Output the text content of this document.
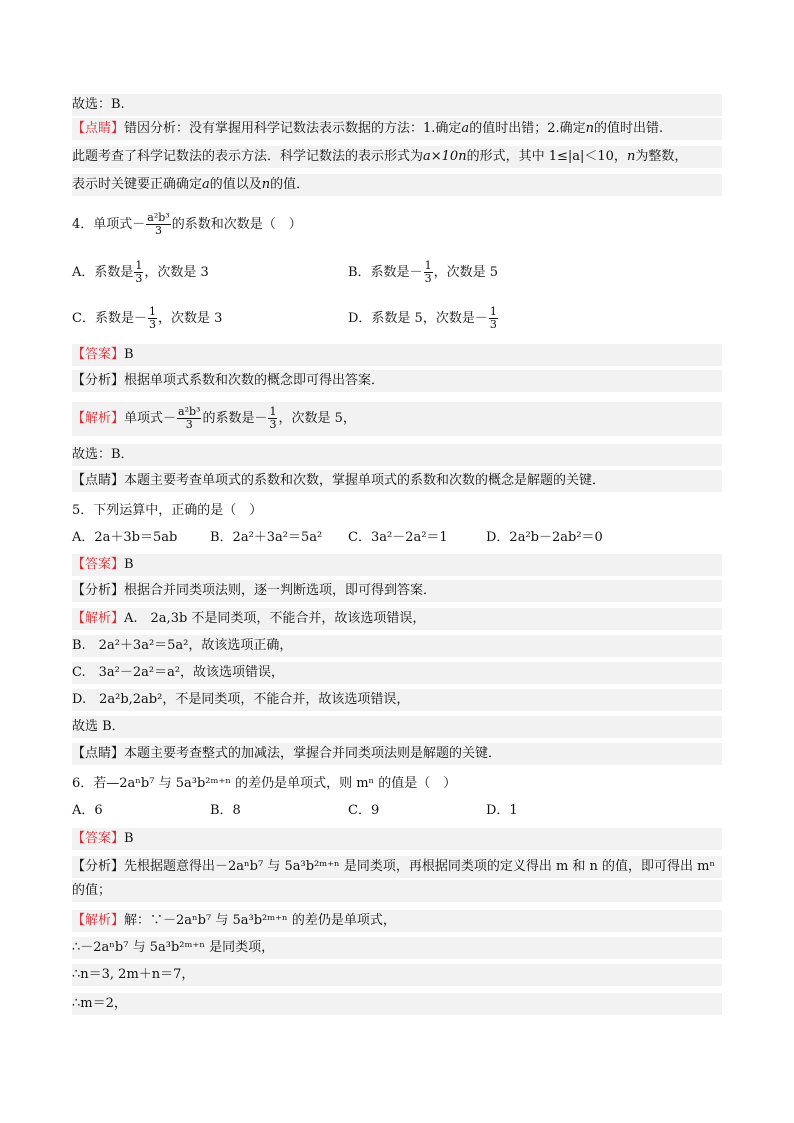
故选：B.
【点睛】错因分析：没有掌握用科学记数法表示数据的方法：1.确定a的值时出错；2.确定n的值时出错.
此题考查了科学记数法的表示方法．科学记数法的表示形式为a×10n的形式，其中 1≤|a|＜10，n为整数，
表示时关键要正确确定a的值以及n的值．
4．单项式－ $\frac{\text{a²b³}}{3}$ 的系数和次数是（　）
A．系数是 $\frac{1}{3}$ ，次数是 3	B．系数是－ $\frac{1}{3}$ ，次数是 5
C．系数是－ $\frac{1}{3}$ ，次数是 3	D．系数是 5，次数是－ $\frac{1}{3}$
【答案】B
【分析】根据单项式系数和次数的概念即可得出答案．
【解析】单项式－ $\frac{\text{a²b³}}{3}$ 的系数是－ $\frac{1}{3}$ ，次数是 5，
故选：B．
【点睛】本题主要考查单项式的系数和次数，掌握单项式的系数和次数的概念是解题的关键．
5．下列运算中，正确的是（　）
A．2a＋3b＝5ab	B．2a²＋3a²＝5a² C．3a²－2a²＝1	D．2a²b－2ab²＝0
【答案】B
【分析】根据合并同类项法则，逐一判断选项，即可得到答案．
【解析】A.　2a,3b 不是同类项，不能合并，故该选项错误，
B.　2a²＋3a²＝5a²，故该选项正确，
C.　3a²－2a²＝a²，故该选项错误，
D.　2a²b,2ab²，不是同类项，不能合并，故该选项错误，
故选 B．
【点睛】本题主要考查整式的加减法，掌握合并同类项法则是解题的关键．
6．若—2aⁿb⁷ 与 5a³b²ᵐ⁺ⁿ 的差仍是单项式，则 mⁿ 的值是（　）
A．6	B．8	C．9	D．1
【答案】B
【分析】先根据题意得出－2aⁿb⁷ 与 5a³b²ᵐ⁺ⁿ 是同类项，再根据同类项的定义得出 m 和 n 的值，即可得出 mⁿ
的值；
【解析】解：∵－2aⁿb⁷ 与 5a³b²ᵐ⁺ⁿ 的差仍是单项式，
∴－2aⁿb⁷ 与 5a³b²ᵐ⁺ⁿ 是同类项，
∴n＝3, 2m＋n＝7，
∴m＝2，
